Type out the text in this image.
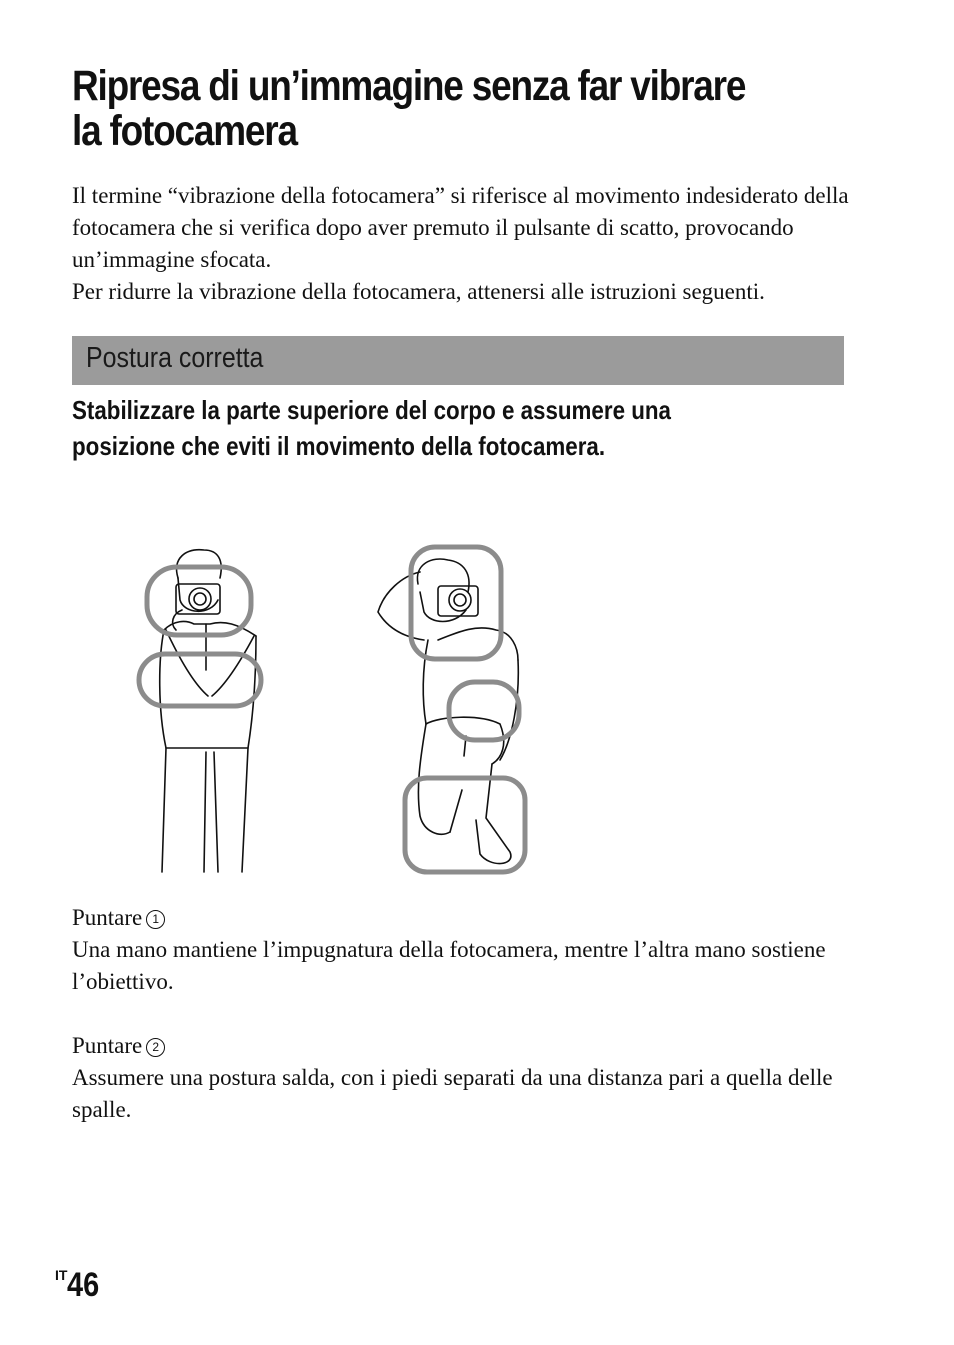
Ripresa di un’immagine senza far vibrare
la fotocamera

Il termine “vibrazione della fotocamera” si riferisce al movimento indesiderato della fotocamera che si verifica dopo aver premuto il pulsante di scatto, provocando un’immagine sfocata.

Per ridurre la vibrazione della fotocamera, attenersi alle istruzioni seguenti.

Postura corretta
Stabilizzare la parte superiore del corpo e assumere una
posizione che eviti il movimento della fotocamera.

Puntare 1

Una mano mantiene l’impugnatura della fotocamera, mentre l’altra mano sostiene l’obiettivo.

Puntare 2

Assumere una postura salda, con i piedi separati da una distanza pari a quella delle spalle.

IT46
